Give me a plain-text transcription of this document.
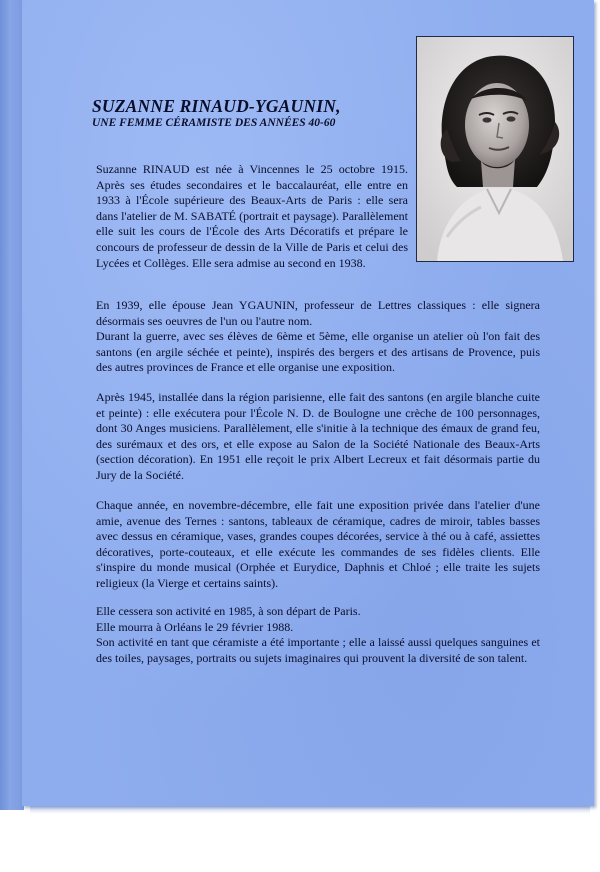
SUZANNE RINAUD-YGAUNIN,
UNE FEMME CÉRAMISTE DES ANNÉES 40-60

Suzanne RINAUD est née à Vincennes le 25 octobre 1915. Après ses études secondaires et le baccalauréat, elle entre en 1933 à l'École supérieure des Beaux-Arts de Paris : elle sera dans l'atelier de M. SABATÉ (portrait et paysage). Parallèlement elle suit les cours de l'École des Arts Décoratifs et prépare le concours de professeur de dessin de la Ville de Paris et celui des Lycées et Collèges. Elle sera admise au second en 1938.

En 1939, elle épouse Jean YGAUNIN, professeur de Lettres classiques : elle signera désormais ses oeuvres de l'un ou l'autre nom.

Durant la guerre, avec ses élèves de 6ème et 5ème, elle organise un atelier où l'on fait des santons (en argile séchée et peinte), inspirés des bergers et des artisans de Provence, puis des autres provinces de France et elle organise une exposition.

Après 1945, installée dans la région parisienne, elle fait des santons (en argile blanche cuite et peinte) : elle exécutera pour l'École N. D. de Boulogne une crèche de 100 personnages, dont 30 Anges musiciens. Parallèlement, elle s'initie à la technique des émaux de grand feu, des surémaux et des ors, et elle expose au Salon de la Société Nationale des Beaux-Arts (section décoration). En 1951 elle reçoit le prix Albert Lecreux et fait désormais partie du Jury de la Société.

Chaque année, en novembre-décembre, elle fait une exposition privée dans l'atelier d'une amie, avenue des Ternes : santons, tableaux de céramique, cadres de miroir, tables basses avec dessus en céramique, vases, grandes coupes décorées, service à thé ou à café, assiettes décoratives, porte-couteaux, et elle exécute les commandes de ses fidèles clients. Elle s'inspire du monde musical (Orphée et Eurydice, Daphnis et Chloé ; elle traite les sujets religieux (la Vierge et certains saints).

Elle cessera son activité en 1985, à son départ de Paris.

Elle mourra à Orléans le 29 février 1988.

Son activité en tant que céramiste a été importante ; elle a laissé aussi quelques sanguines et des toiles, paysages, portraits ou sujets imaginaires qui prouvent la diversité de son talent.
